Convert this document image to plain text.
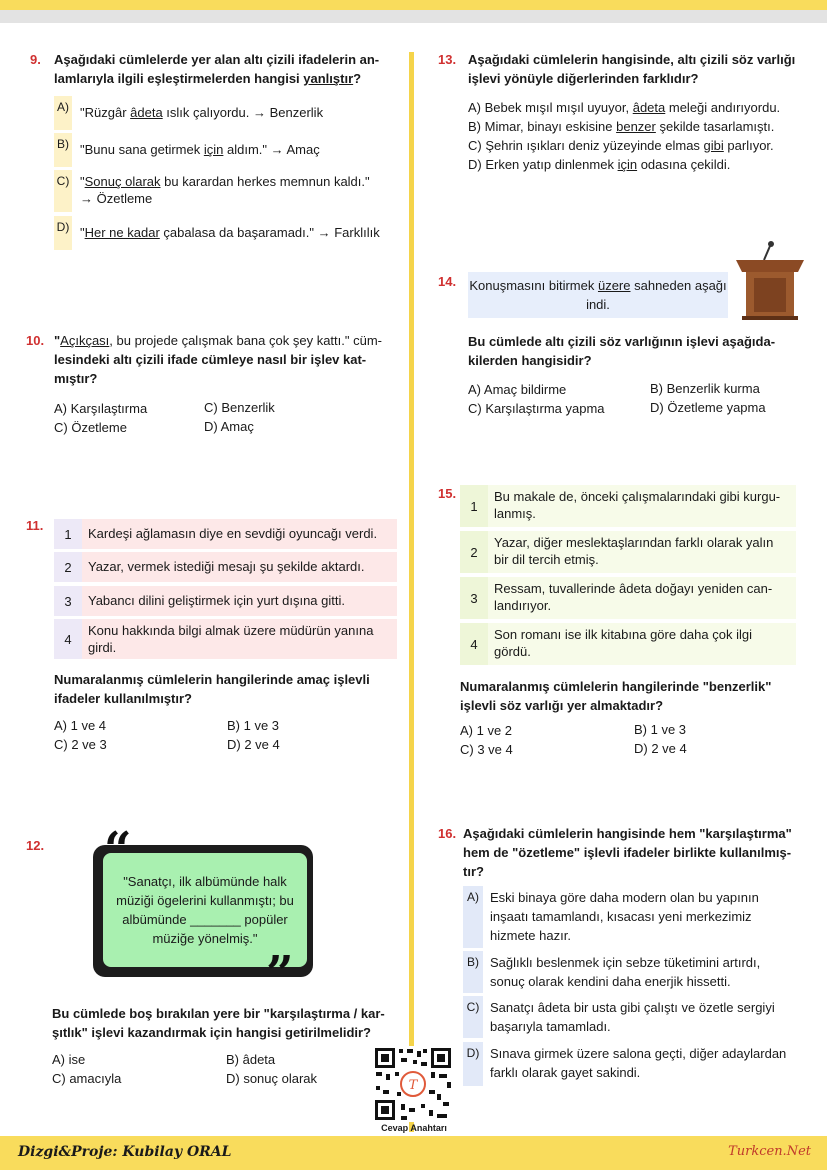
9. Aşağıdaki cümlelerde yer alan altı çizili ifadelerin an-
lamlarıyla ilgili eşleştirmelerden hangisi yanlıştır?
A) "Rüzgâr âdeta ıslık çalıyordu. → Benzerlik
B) "Bunu sana getirmek için aldım." → Amaç
C) "Sonuç olarak bu karardan herkes memnun kaldı."
→ Özetleme
D) "Her ne kadar çabalasa da başaramadı." → Farklılık
10. "Açıkçası, bu projede çalışmak bana çok şey kattı." cüm-
lesindeki altı çizili ifade cümleye nasıl bir işlev kat-
mıştır?
A) Karşılaştırma	C) Benzerlik
C) Özetleme	D) Amaç
11.
1	Kardeşi ağlamasın diye en sevdiği oyuncağı verdi.
2	Yazar, vermek istediği mesajı şu şekilde aktardı.
3	Yabancı dilini geliştirmek için yurt dışına gitti.
4
Konu hakkında bilgi almak üzere müdürün yanına girdi.
Numaralanmış cümlelerin hangilerinde amaç işlevli
ifadeler kullanılmıştır?
A) 1 ve 4	B) 1 ve 3
C) 2 ve 3	D) 2 ve 4
12.
"Sanatçı, ilk albümünde halk müziği ögelerini kullanmıştı; bu albümünde _______ popüler müziğe yönelmiş."
“
”
Bu cümlede boş bırakılan yere bir "karşılaştırma / kar-
şıtlık" işlevi kazandırmak için hangisi getirilmelidir?
A) ise	B) âdeta
C) amacıyla	D) sonuç olarak	T
Cevap Anahtarı
13. Aşağıdaki cümlelerin hangisinde, altı çizili söz varlığı
işlevi yönüyle diğerlerinden farklıdır?
A) Bebek mışıl mışıl uyuyor, âdeta meleği andırıyordu.
B) Mimar, binayı eskisine benzer şekilde tasarlamıştı.
C) Şehrin ışıkları deniz yüzeyinde elmas gibi parlıyor.
D) Erken yatıp dinlenmek için odasına çekildi.
14. Konuşmasını bitirmek üzere sahneden aşağı indi.
Bu cümlede altı çizili söz varlığının işlevi aşağıda-
kilerden hangisidir?
A) Amaç bildirme	B) Benzerlik kurma
C) Karşılaştırma yapma	D) Özetleme yapma
15.
1
Bu makale de, önceki çalışmalarındaki gibi kurgu-lanmış.
2
Yazar, diğer meslektaşlarından farklı olarak yalın bir dil tercih etmiş.
3
Ressam, tuvallerinde âdeta doğayı yeniden can-landırıyor.
4
Son romanı ise ilk kitabına göre daha çok ilgi gördü.
Numaralanmış cümlelerin hangilerinde "benzerlik"
işlevli söz varlığı yer almaktadır?
A) 1 ve 2	B) 1 ve 3
C) 3 ve 4	D) 2 ve 4
16. Aşağıdaki cümlelerin hangisinde hem "karşılaştırma"
hem de "özetleme" işlevli ifadeler birlikte kullanılmış-
tır?
A) Eski binaya göre daha modern olan bu yapının inşaatı tamamlandı, kısacası yeni merkezimiz hizmete hazır.
B) Sağlıklı beslenmek için sebze tüketimini artırdı, sonuç olarak kendini daha enerjik hissetti.
C) Sanatçı âdeta bir usta gibi çalıştı ve özetle sergiyi başarıyla tamamladı.
D) Sınava girmek üzere salona geçti, diğer adaylardan farklı olarak gayet sakindi.
Dizgi&Proje: Kubilay ORAL	Turkcen.Net
